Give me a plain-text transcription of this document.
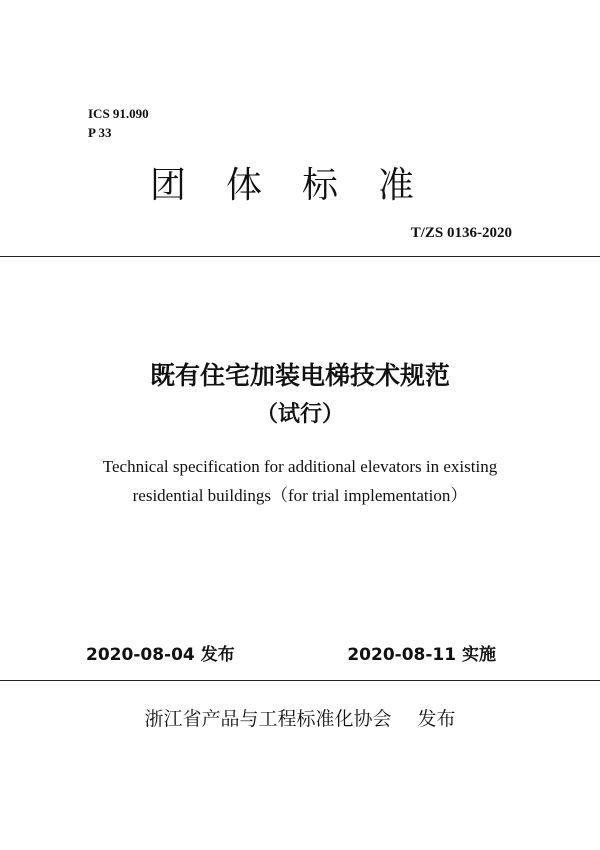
ICS 91.090
P 33
团体标准
T/ZS 0136-2020
既有住宅加装电梯技术规范
（试行）
Technical specification for additional elevators in existing
residential buildings（for trial implementation）
2020-08-04 发布	2020-08-11 实施
浙江省产品与工程标准化协会 发布
